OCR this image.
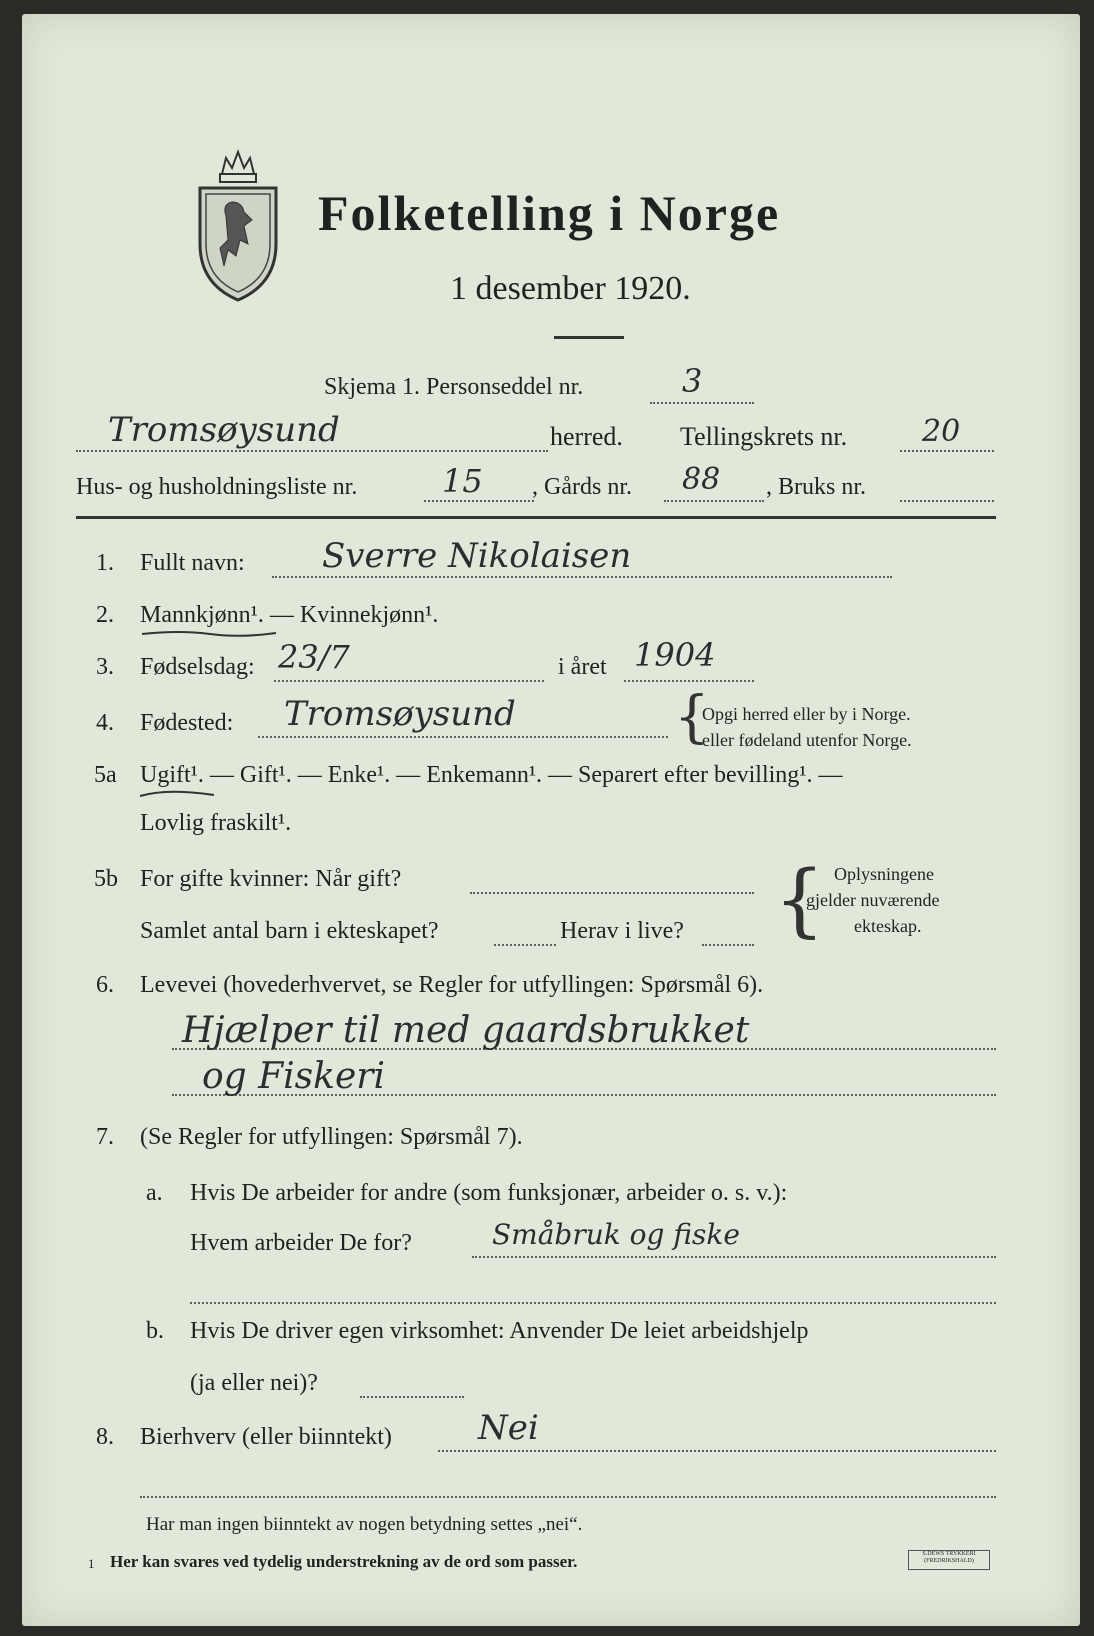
Folketelling i Norge
1 desember 1920.
Skjema 1. Personseddel nr.	3
Tromsøysund	herred. Tellingskrets nr. 20
Hus- og husholdningsliste nr.	15 , Gårds nr. 88 , Bruks nr.
1. Fullt navn: Sverre Nikolaisen
2. Mannkjønn¹. — Kvinnekjønn¹.
3. Fødselsdag: 23/7	i året 1904
4. Fødested: Tromsøysund	{
Opgi herred eller by i Norge.
eller fødeland utenfor Norge.
5a Ugift¹. — Gift¹. — Enke¹. — Enkemann¹. — Separert efter bevilling¹. —
Lovlig fraskilt¹.
5b For gifte kvinner: Når gift?
Samlet antal barn i ekteskapet?	Herav i live? { Oplysningene
gjelder nuværende
ekteskap.
6. Levevei (hovederhvervet, se Regler for utfyllingen: Spørsmål 6).
Hjælper til med gaardsbrukket
og Fiskeri
7. (Se Regler for utfyllingen: Spørsmål 7).
a. Hvis De arbeider for andre (som funksjonær, arbeider o. s. v.):
Hvem arbeider De for?	Småbruk og fiske
b. Hvis De driver egen virksomhet: Anvender De leiet arbeidshjelp
(ja eller nei)?
8. Bierhverv (eller biinntekt)	Nei
Har man ingen biinntekt av nogen betydning settes „nei“.
1 Her kan svares ved tydelig understrekning av de ord som passer.	S.DEWS TRYKKERI
(FREDRIKSHALD)
